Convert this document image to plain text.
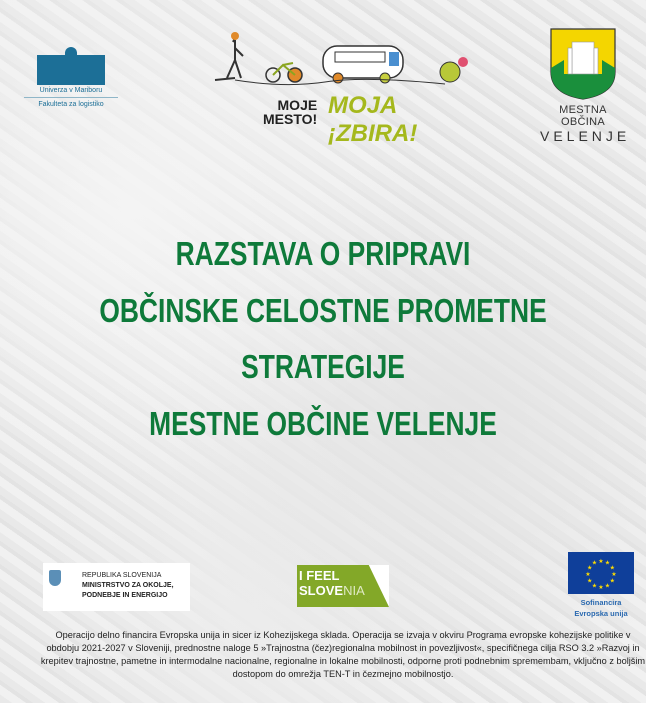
Univerza v Mariboru
Fakulteta za logistiko	MOJE
MESTO! MOJA
¡ZBIRA!
MESTNA OBČINA
VELENJE
RAZSTAVA O PRIPRAVI
OBČINSKE CELOSTNE PROMETNE
STRATEGIJE
MESTNE OBČINE VELENJE
REPUBLIKA SLOVENIJA
MINISTRSTVO ZA OKOLJE,
PODNEBJE IN ENERGIJO
I FEEL
SLOVENIA
★
★
★
★
★
★
★
★
★ ★ ★
★
Sofinancira
Evropska unija
Operacijo delno financira Evropska unija in sicer iz Kohezijskega sklada. Operacija se izvaja v okviru Programa evropske kohezijske politike v obdobju 2021-2027 v Sloveniji, prednostne naloge 5 »Trajnostna (čez)regionalna mobilnost in povezljivost«, specifičnega cilja RSO 3.2 »Razvoj in krepitev trajnostne, pametne in intermodalne nacionalne, regionalne in lokalne mobilnosti, odporne proti podnebnim spremembam, vključno z boljšim dostopom do omrežja TEN-T in čezmejno mobilnostjo.
